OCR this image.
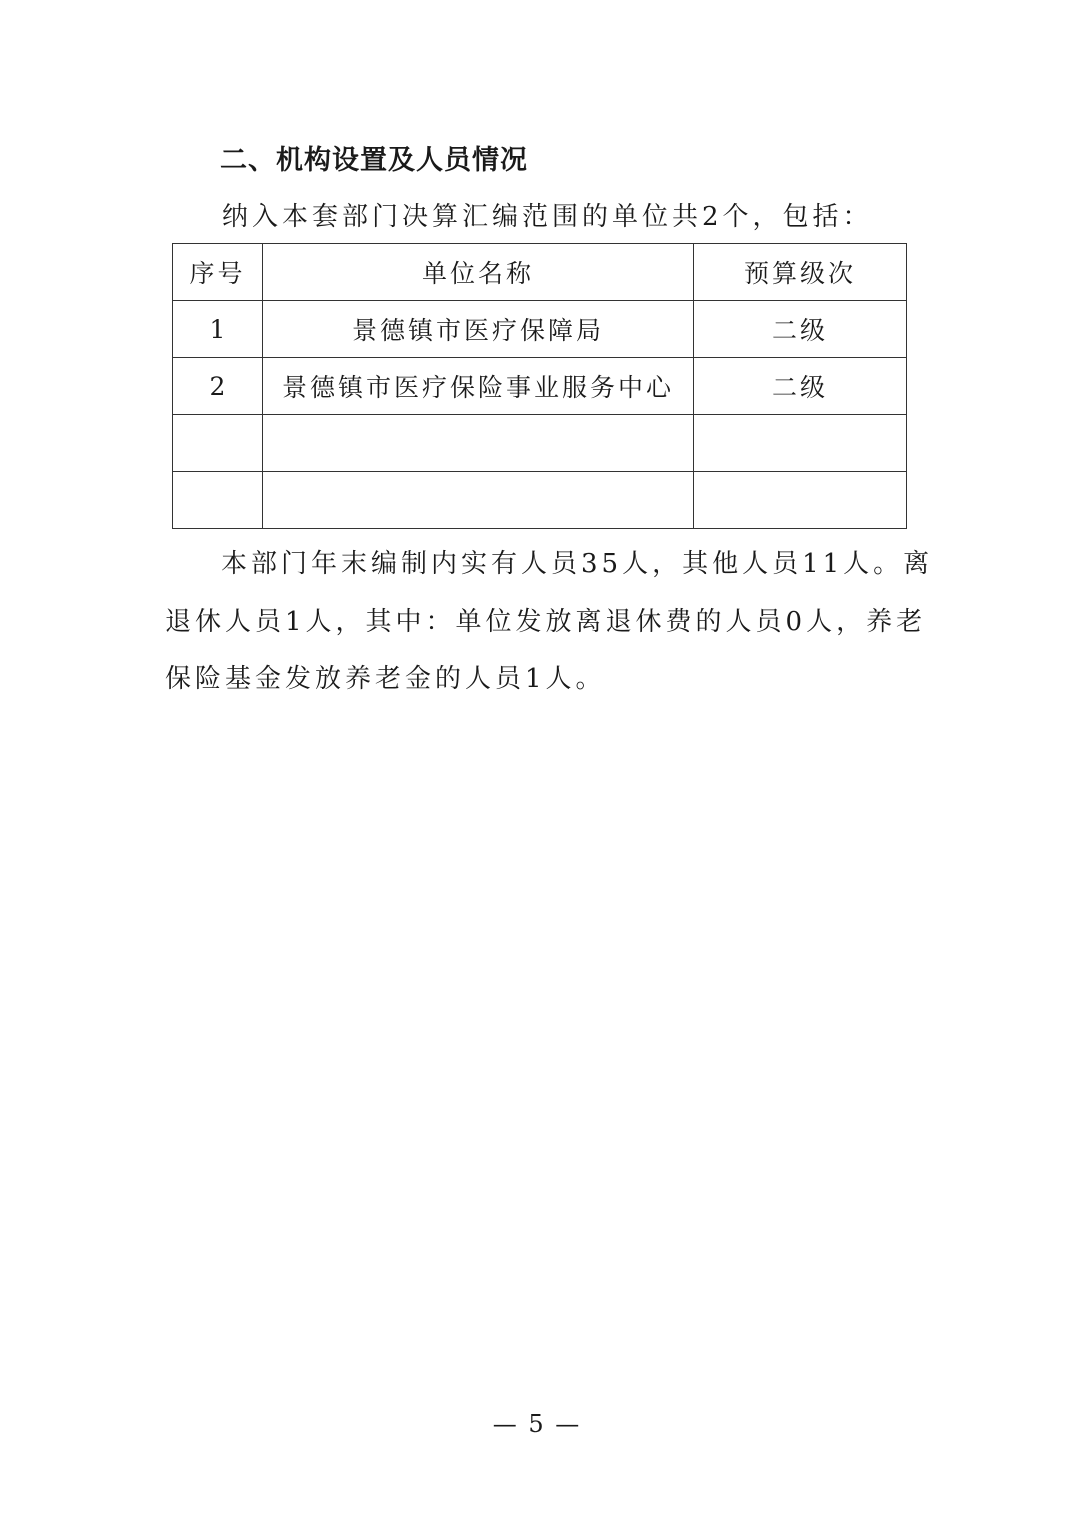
二、机构设置及人员情况

纳入本套部门决算汇编范围的单位共2个，包括：

序号	单位名称	预算级次
1	景德镇市医疗保障局	二级
2	景德镇市医疗保险事业服务中心	二级

本部门年末编制内实有人员35人，其他人员11人。离
退休人员1人，其中：单位发放离退休费的人员0人，养老
保险基金发放养老金的人员1人。

— 5 —
